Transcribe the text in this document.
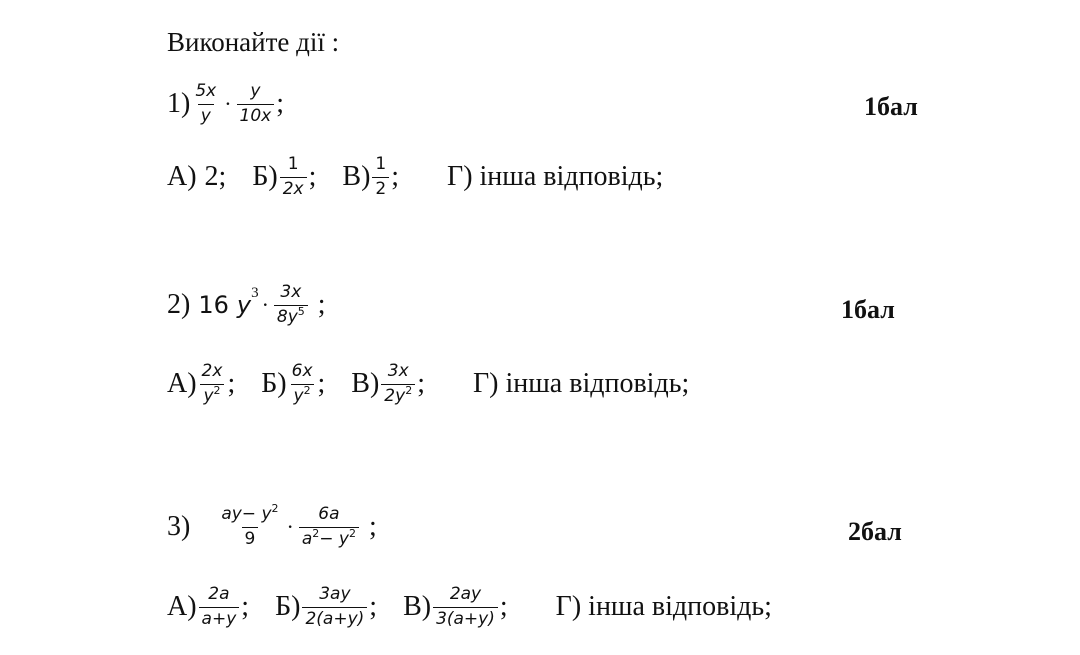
Виконайте дії :
$1) \frac{5x}{y} \cdot \frac{y}{10x}$ ;	1бал
А) 2; $Б) \frac{1}{2x}$ ; $В) \frac{1}{2}$ ; Г) інша відповідь;
2) 16 y $3 \cdot \frac{3x}{8y^5}$ ;	1бал
$А) \frac{2x}{y^2}$ ; $Б) \frac{6x}{y^2}$ ; $В) \frac{3x}{2y^2}$ ; Г) інша відповідь;
$3) \frac{ay- y^2}{9} \cdot \frac{6a}{a^2- y^2}$ ;	2бал
$А) \frac{2a}{a+y}$ ; $Б) \frac{3ay}{2(a+y)}$ ; $В) \frac{2ay}{3(a+y)}$ ; Г) інша відповідь;
